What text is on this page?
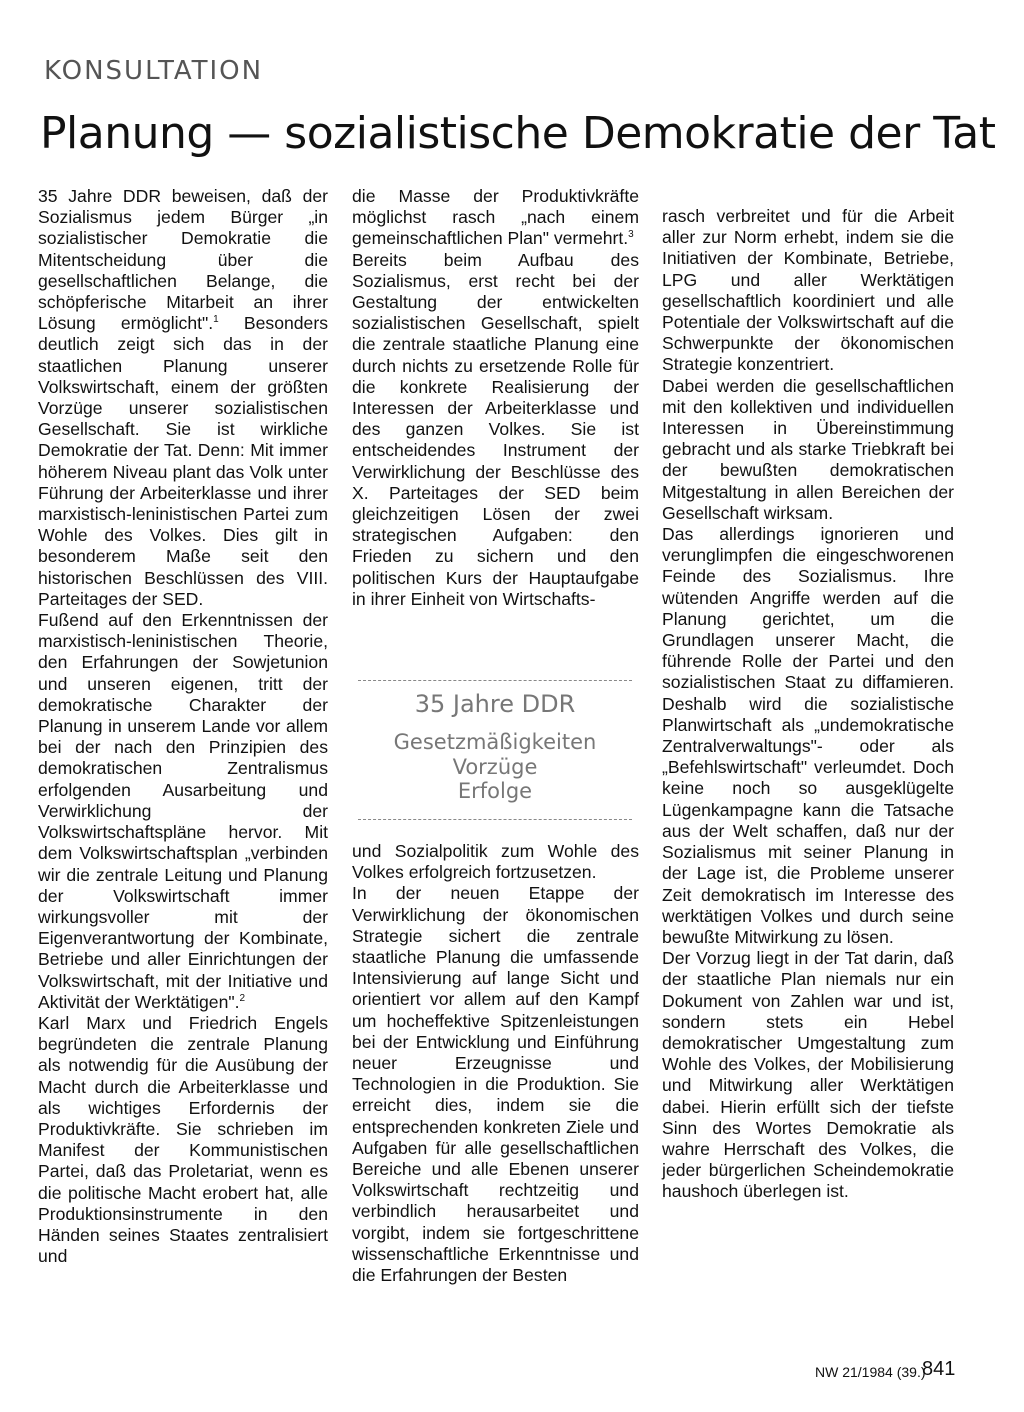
KONSULTATION
Planung — sozialistische Demokratie der Tat

35 Jahre DDR beweisen, daß der Sozialismus jedem Bürger „in sozialistischer Demokratie die Mitentscheidung über die gesellschaftlichen Belange, die schöpferische Mitarbeit an ihrer Lösung ermöglicht".$^1$ Besonders deutlich zeigt sich das in der staatlichen Planung unserer Volkswirtschaft, einem der größten Vorzüge unserer sozialistischen Gesellschaft. Sie ist wirkliche Demokratie der Tat. Denn: Mit immer höherem Niveau plant das Volk unter Führung der Arbeiterklasse und ihrer marxistisch-leninistischen Partei zum Wohle des Volkes. Dies gilt in besonderem Maße seit den historischen Beschlüssen des VIII. Parteitages der SED.

Fußend auf den Erkenntnissen der marxistisch-leninistischen Theorie, den Erfahrungen der Sowjetunion und unseren eigenen, tritt der demokratische Charakter der Planung in unserem Lande vor allem bei der nach den Prinzipien des demokratischen Zentralismus erfolgenden Ausarbeitung und Verwirklichung der Volkswirtschaftspläne hervor. Mit dem Volkswirtschaftsplan „verbinden wir die zentrale Leitung und Planung der Volkswirtschaft immer wirkungsvoller mit der Eigenverantwortung der Kombinate, Betriebe und aller Einrichtungen der Volkswirtschaft, mit der Initiative und Aktivität der Werktätigen".$^2$

Karl Marx und Friedrich Engels begründeten die zentrale Planung als notwendig für die Ausübung der Macht durch die Arbeiterklasse und als wichtiges Erfordernis der Produktivkräfte. Sie schrieben im Manifest der Kommunistischen Partei, daß das Proletariat, wenn es die politische Macht erobert hat, alle Produktionsinstrumente in den Händen seines Staates zentralisiert und

die Masse der Produktivkräfte möglichst rasch „nach einem gemeinschaftlichen Plan" vermehrt.$^3$

Bereits beim Aufbau des Sozialismus, erst recht bei der Gestaltung der entwickelten sozialistischen Gesellschaft, spielt die zentrale staatliche Planung eine durch nichts zu ersetzende Rolle für die konkrete Realisierung der Interessen der Arbeiterklasse und des ganzen Volkes. Sie ist entscheidendes Instrument der Verwirklichung der Beschlüsse des X. Parteitages der SED beim gleichzeitigen Lösen der zwei strategischen Aufgaben: den Frieden zu sichern und den politischen Kurs der Hauptaufgabe in ihrer Einheit von Wirtschafts-

und Sozialpolitik zum Wohle des Volkes erfolgreich fortzusetzen.

In der neuen Etappe der Verwirklichung der ökonomischen Strategie sichert die zentrale staatliche Planung die umfassende Intensivierung auf lange Sicht und orientiert vor allem auf den Kampf um hocheffektive Spitzenleistungen bei der Entwicklung und Einführung neuer Erzeugnisse und Technologien in die Produktion. Sie erreicht dies, indem sie die entsprechenden konkreten Ziele und Aufgaben für alle gesellschaftlichen Bereiche und alle Ebenen unserer Volkswirtschaft rechtzeitig und verbindlich herausarbeitet und vorgibt, indem sie fortgeschrittene wissenschaftliche Erkenntnisse und die Erfahrungen der Besten

35 Jahre DDR
Gesetzmäßigkeiten
Vorzüge
Erfolge

rasch verbreitet und für die Arbeit aller zur Norm erhebt, indem sie die Initiativen der Kombinate, Betriebe, LPG und aller Werktätigen gesellschaftlich koordiniert und alle Potentiale der Volkswirtschaft auf die Schwerpunkte der ökonomischen Strategie konzentriert.

Dabei werden die gesellschaftlichen mit den kollektiven und individuellen Interessen in Übereinstimmung gebracht und als starke Triebkraft bei der bewußten demokratischen Mitgestaltung in allen Bereichen der Gesellschaft wirksam.

Das allerdings ignorieren und verunglimpfen die eingeschworenen Feinde des Sozialismus. Ihre wütenden Angriffe werden auf die Planung gerichtet, um die Grundlagen unserer Macht, die führende Rolle der Partei und den sozialistischen Staat zu diffamieren. Deshalb wird die sozialistische Planwirtschaft als „undemokratische Zentralverwaltungs"- oder als „Befehlswirtschaft" verleumdet. Doch keine noch so ausgeklügelte Lügenkampagne kann die Tatsache aus der Welt schaffen, daß nur der Sozialismus mit seiner Planung in der Lage ist, die Probleme unserer Zeit demokratisch im Interesse des werktätigen Volkes und durch seine bewußte Mitwirkung zu lösen.

Der Vorzug liegt in der Tat darin, daß der staatliche Plan niemals nur ein Dokument von Zahlen war und ist, sondern stets ein Hebel demokratischer Umgestaltung zum Wohle des Volkes, der Mobilisierung und Mitwirkung aller Werktätigen dabei. Hierin erfüllt sich der tiefste Sinn des Wortes Demokratie als wahre Herrschaft des Volkes, die jeder bürgerlichen Scheindemokratie haushoch überlegen ist.

NW 21/1984 (39.)
841
